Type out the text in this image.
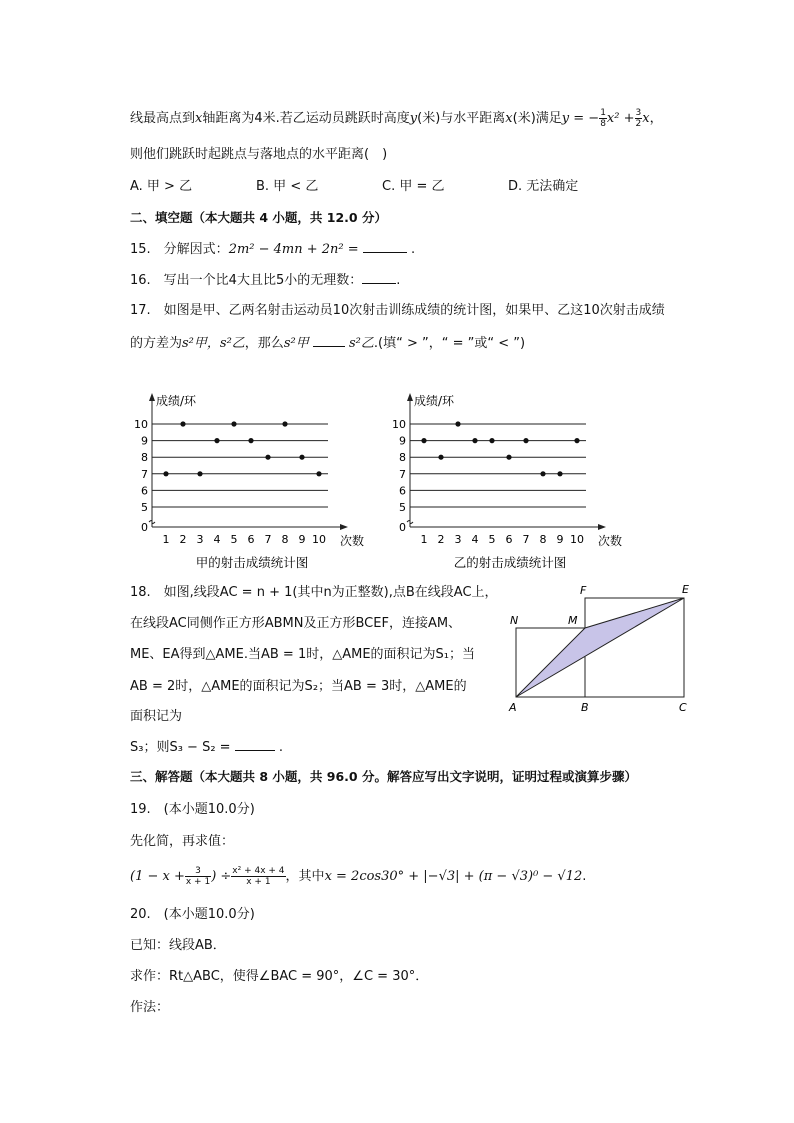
线最高点到x轴距离为4米.若乙运动员跳跃时高度y(米)与水平距离x(米)满足y = − $\frac{1}{8} x^2 + \frac{3}{2}$ x，
则他们跳跃时起跳点与落地点的水平距离(　)
A. 甲 > 乙	B. 甲 < 乙	C. 甲 = 乙	D. 无法确定
二、填空题（本大题共 4 小题，共 12.0 分）
15.　分解因式：2m² − 4mn + 2n² =	.
16.　写出一个比4大且比5小的无理数：	.
17.　如图是甲、乙两名射击运动员10次射击训练成绩的统计图，如果甲、乙这10次射击成绩
的方差为s²甲，s²乙，那么s²甲	s²乙.(填“ > ”，“ = ”或“ < ”)
0
5
6
7
8
9
10
1 2 3 4 5 6 7 8 9 10
成绩/环
次数
甲的射击成绩统计图
0
5
6
7
8
9
10
1 2 3 4 5 6 7 8 9 10
成绩/环
次数
乙的射击成绩统计图
18.　如图,线段AC = n + 1(其中n为正整数),点B在线段AC上，
在线段AC同侧作正方形ABMN及正方形BCEF，连接AM、
ME、EA得到△AME.当AB = 1时，△AME的面积记为S₁；当
AB = 2时，△AME的面积记为S₂；当AB = 3时，△AME的
面积记为
S₃；则S₃ − S₂ =	.
F	E
N	M
A	B	C
三、解答题（本大题共 8 小题，共 96.0 分。解答应写出文字说明，证明过程或演算步骤）
19.　(本小题10.0分)
先化简，再求值：
($1 - x + \frac{3}{x + 1}$ ) ÷ $\frac{\text{x² + 4x + 4}}{x + 1}$ ，其中x = 2cos30° + |−√3| + (π − √3)⁰ − √12.
20.　(本小题10.0分)
已知：线段AB．
求作：Rt△ABC，使得∠BAC = 90°，∠C = 30°．
作法：
